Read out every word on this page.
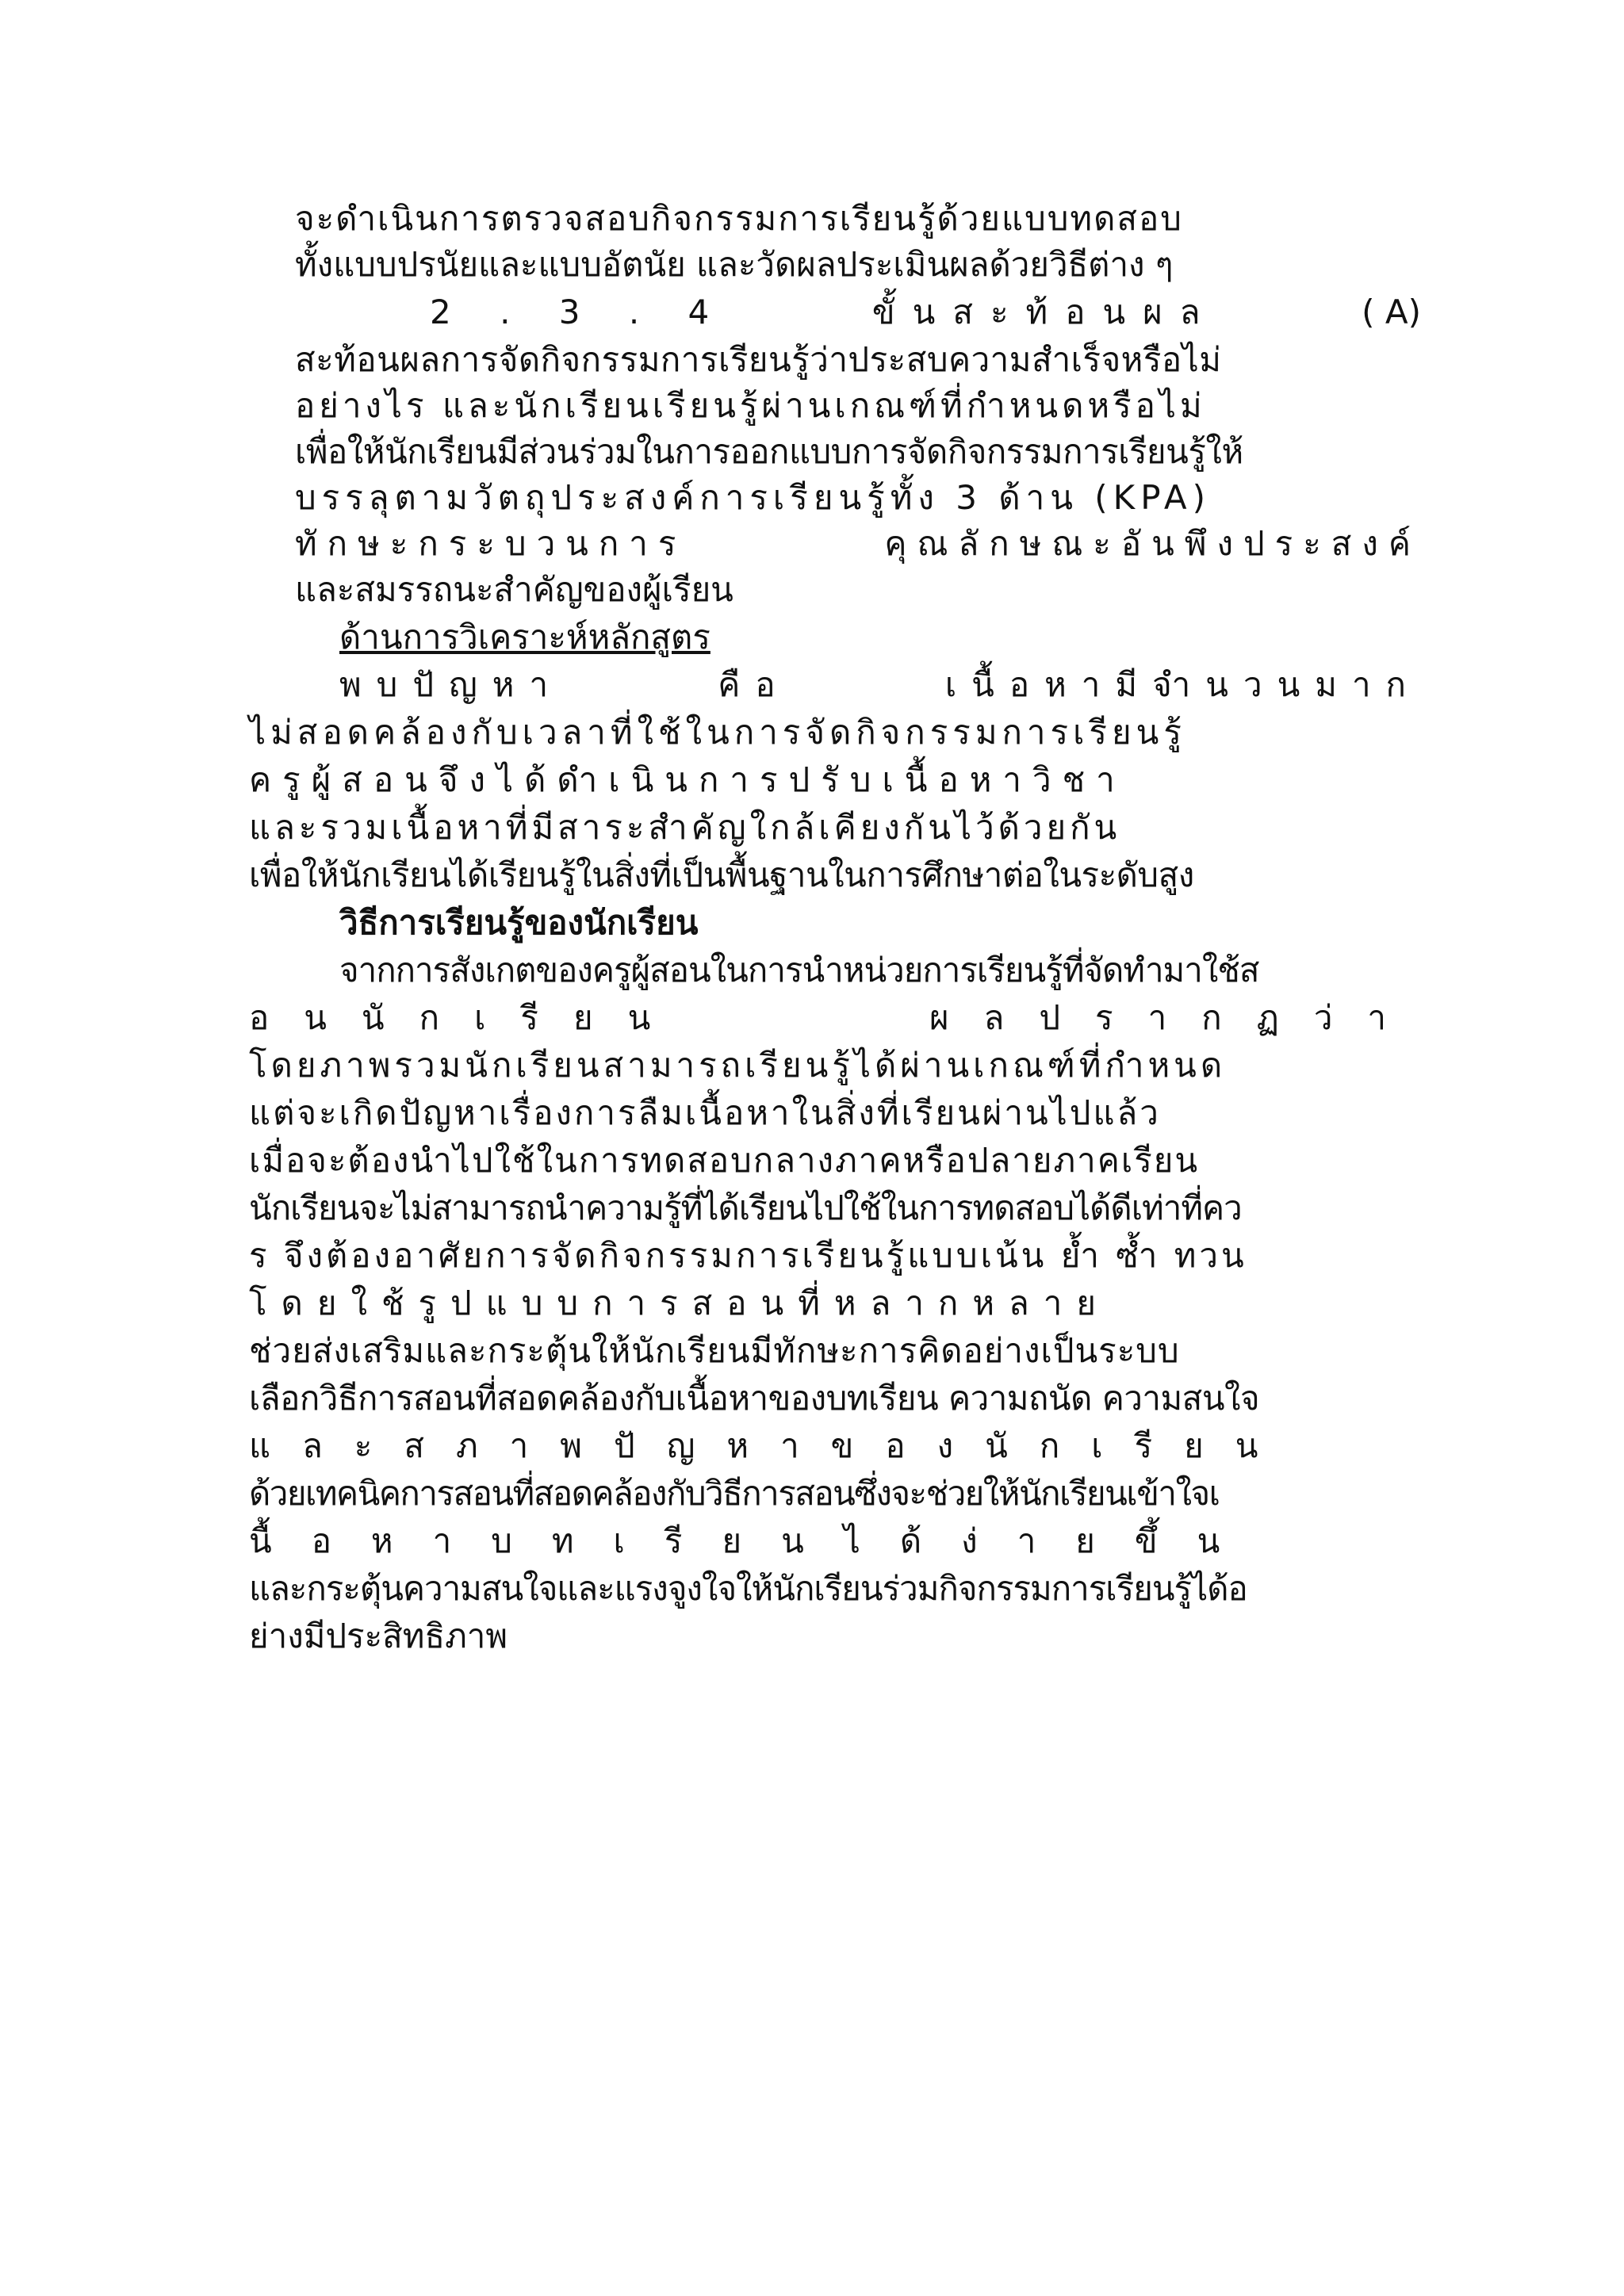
จะดำเนินการตรวจสอบกิจกรรมการเรียนรู้ด้วยแบบทดสอบ
ทั้งแบบปรนัยและแบบอัตนัย และวัดผลประเมินผลด้วยวิธีต่าง ๆ
2 . 3 . 4	ขั้นสะท้อนผล	( A)
สะท้อนผลการจัดกิจกรรมการเรียนรู้ว่าประสบความสำเร็จหรือไม่
อย่างไร และนักเรียนเรียนรู้ผ่านเกณฑ์ที่กำหนดหรือไม่
เพื่อให้นักเรียนมีส่วนร่วมในการออกแบบการจัดกิจกรรมการเรียนรู้ให้
บรรลุตามวัตถุประสงค์การเรียนรู้ทั้ง 3 ด้าน (KPA)
ทักษะกระบวนการ	คุณลักษณะอันพึงประสงค์
และสมรรถนะสำคัญของผู้เรียน
ด้านการวิเคราะห์หลักสูตร
พบปัญหา	คือ	เนื้อหามีจำนวนมาก
ไม่สอดคล้องกับเวลาที่ใช้ในการจัดกิจกรรมการเรียนรู้
ครูผู้สอนจึงได้ดำเนินการปรับเนื้อหาวิชา
และรวมเนื้อหาที่มีสาระสำคัญใกล้เคียงกันไว้ด้วยกัน
เพื่อให้นักเรียนได้เรียนรู้ในสิ่งที่เป็นพื้นฐานในการศึกษาต่อในระดับสูง
วิธีการเรียนรู้ของนักเรียน
จากการสังเกตของครูผู้สอนในการนำหน่วยการเรียนรู้ที่จัดทำมาใช้ส
อนนักเรียน	ผลปรากฏว่า
โดยภาพรวมนักเรียนสามารถเรียนรู้ได้ผ่านเกณฑ์ที่กำหนด
แต่จะเกิดปัญหาเรื่องการลืมเนื้อหาในสิ่งที่เรียนผ่านไปแล้ว
เมื่อจะต้องนำไปใช้ในการทดสอบกลางภาคหรือปลายภาคเรียน
นักเรียนจะไม่สามารถนำความรู้ที่ได้เรียนไปใช้ในการทดสอบได้ดีเท่าที่คว
ร จึงต้องอาศัยการจัดกิจกรรมการเรียนรู้แบบเน้น ย้ำ ซ้ำ ทวน
โดยใช้รูปแบบการสอนที่หลากหลาย
ช่วยส่งเสริมและกระตุ้นให้นักเรียนมีทักษะการคิดอย่างเป็นระบบ
เลือกวิธีการสอนที่สอดคล้องกับเนื้อหาของบทเรียน ความถนัด ความสนใจ
และสภาพปัญหาของนักเรียน
ด้วยเทคนิคการสอนที่สอดคล้องกับวิธีการสอนซึ่งจะช่วยให้นักเรียนเข้าใจเ
นื้อหาบทเรียนได้ง่ายขึ้น
และกระตุ้นความสนใจและแรงจูงใจให้นักเรียนร่วมกิจกรรมการเรียนรู้ได้อ
ย่างมีประสิทธิภาพ
